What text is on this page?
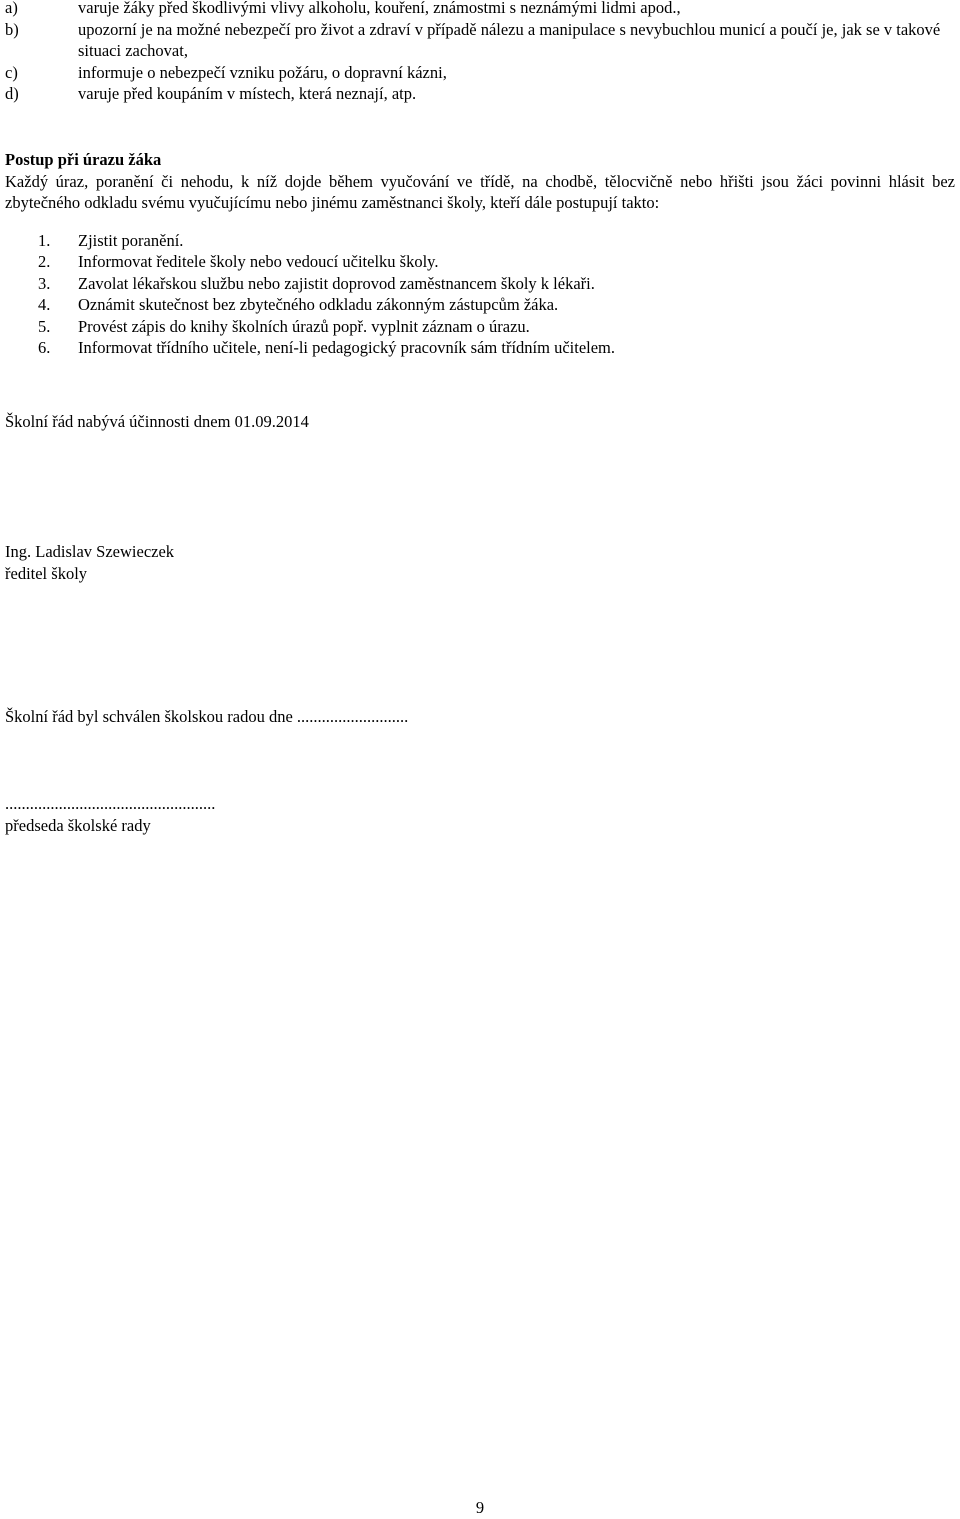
a)	varuje žáky před škodlivými vlivy alkoholu, kouření, známostmi s neznámými lidmi apod.,
b)	upozorní je na možné nebezpečí pro život a zdraví v případě nálezu a manipulace s nevybuchlou municí a poučí je, jak se v takové situaci zachovat,
c)	informuje o nebezpečí vzniku požáru, o dopravní kázni,
d)	varuje před koupáním v místech, která neznají, atp.

Postup při úrazu žáka

Každý úraz, poranění či nehodu, k níž dojde během vyučování ve třídě, na chodbě, tělocvičně nebo hřišti jsou žáci povinni hlásit bez zbytečného odkladu svému vyučujícímu nebo jinému zaměstnanci školy, kteří dále postupují takto:

1. Zjistit poranění.
2. Informovat ředitele školy nebo vedoucí učitelku školy.
3. Zavolat lékařskou službu nebo zajistit doprovod zaměstnancem školy k lékaři.
4. Oznámit skutečnost bez zbytečného odkladu zákonným zástupcům žáka.
5. Provést zápis do knihy školních úrazů popř. vyplnit záznam o úrazu.
6. Informovat třídního učitele, není-li pedagogický pracovník sám třídním učitelem.

Školní řád nabývá účinnosti dnem 01.09.2014

Ing. Ladislav Szewieczek
ředitel školy

Školní řád byl schválen školskou radou dne ...........................

...................................................
předseda školské rady
9
